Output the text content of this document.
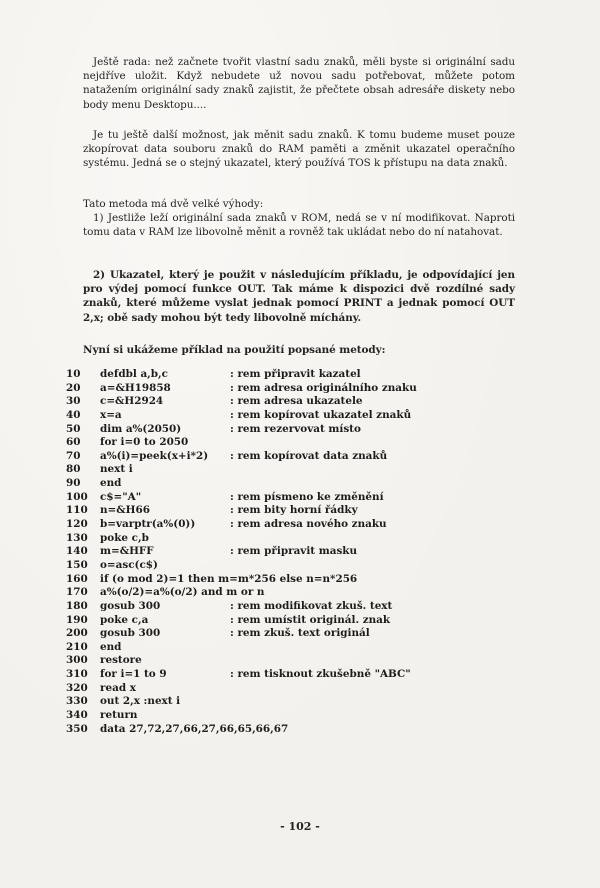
Ještě rada: než začnete tvořit vlastní sadu znaků, měli byste si originální sadu nejdříve uložit. Když nebudete už novou sadu potřebovat, můžete potom natažením originální sady znaků zajistit, že přečtete obsah adresáře diskety nebo body menu Desktopu....

Je tu ještě další možnost, jak měnit sadu znaků. K tomu budeme muset pouze zkopírovat data souboru znaků do RAM paměti a změnit ukazatel operačního systému. Jedná se o stejný ukazatel, který používá TOS k přístupu na data znaků.

Tato metoda má dvě velké výhody:
1) Jestliže leží originální sada znaků v ROM, nedá se v ní modifikovat. Naproti tomu data v RAM lze libovolně měnit a rovněž tak ukládat nebo do ní natahovat.

2) Ukazatel, který je použit v následujícím příkladu, je odpovídající jen pro výdej pomocí funkce OUT. Tak máme k dispozici dvě rozdílné sady znaků, které můžeme vyslat jednak pomocí PRINT a jednak pomocí OUT 2,x; obě sady mohou být tedy libovolně míchány.

Nyní si ukážeme příklad na použití popsané metody:

10	defdbl a,b,c	: rem připravit kazatel
20	a=&H19858	: rem adresa originálního znaku
30	c=&H2924	: rem adresa ukazatele
40	x=a	: rem kopírovat ukazatel znaků
50	dim a%(2050)	: rem rezervovat místo
60	for i=0 to 2050
70	a%(i)=peek(x+i*2) : rem kopírovat data znaků
80	next i
90	end
100	c$="A"	: rem písmeno ke změnění
110	n=&H66	: rem bity horní řádky
120	b=varptr(a%(0))	: rem adresa nového znaku
130	poke c,b
140	m=&HFF	: rem připravit masku
150	o=asc(c$)
160	if (o mod 2)=1 then m=m*256 else n=n*256
170	a%(o/2)=a%(o/2) and m or n
180	gosub 300	: rem modifikovat zkuš. text
190	poke c,a	: rem umístit originál. znak
200	gosub 300	: rem zkuš. text originál
210	end
300	restore
310	for i=1 to 9	: rem tisknout zkušebně "ABC"
320	read x
330	out 2,x :next i
340	return
350	data 27,72,27,66,27,66,65,66,67
- 102 -
